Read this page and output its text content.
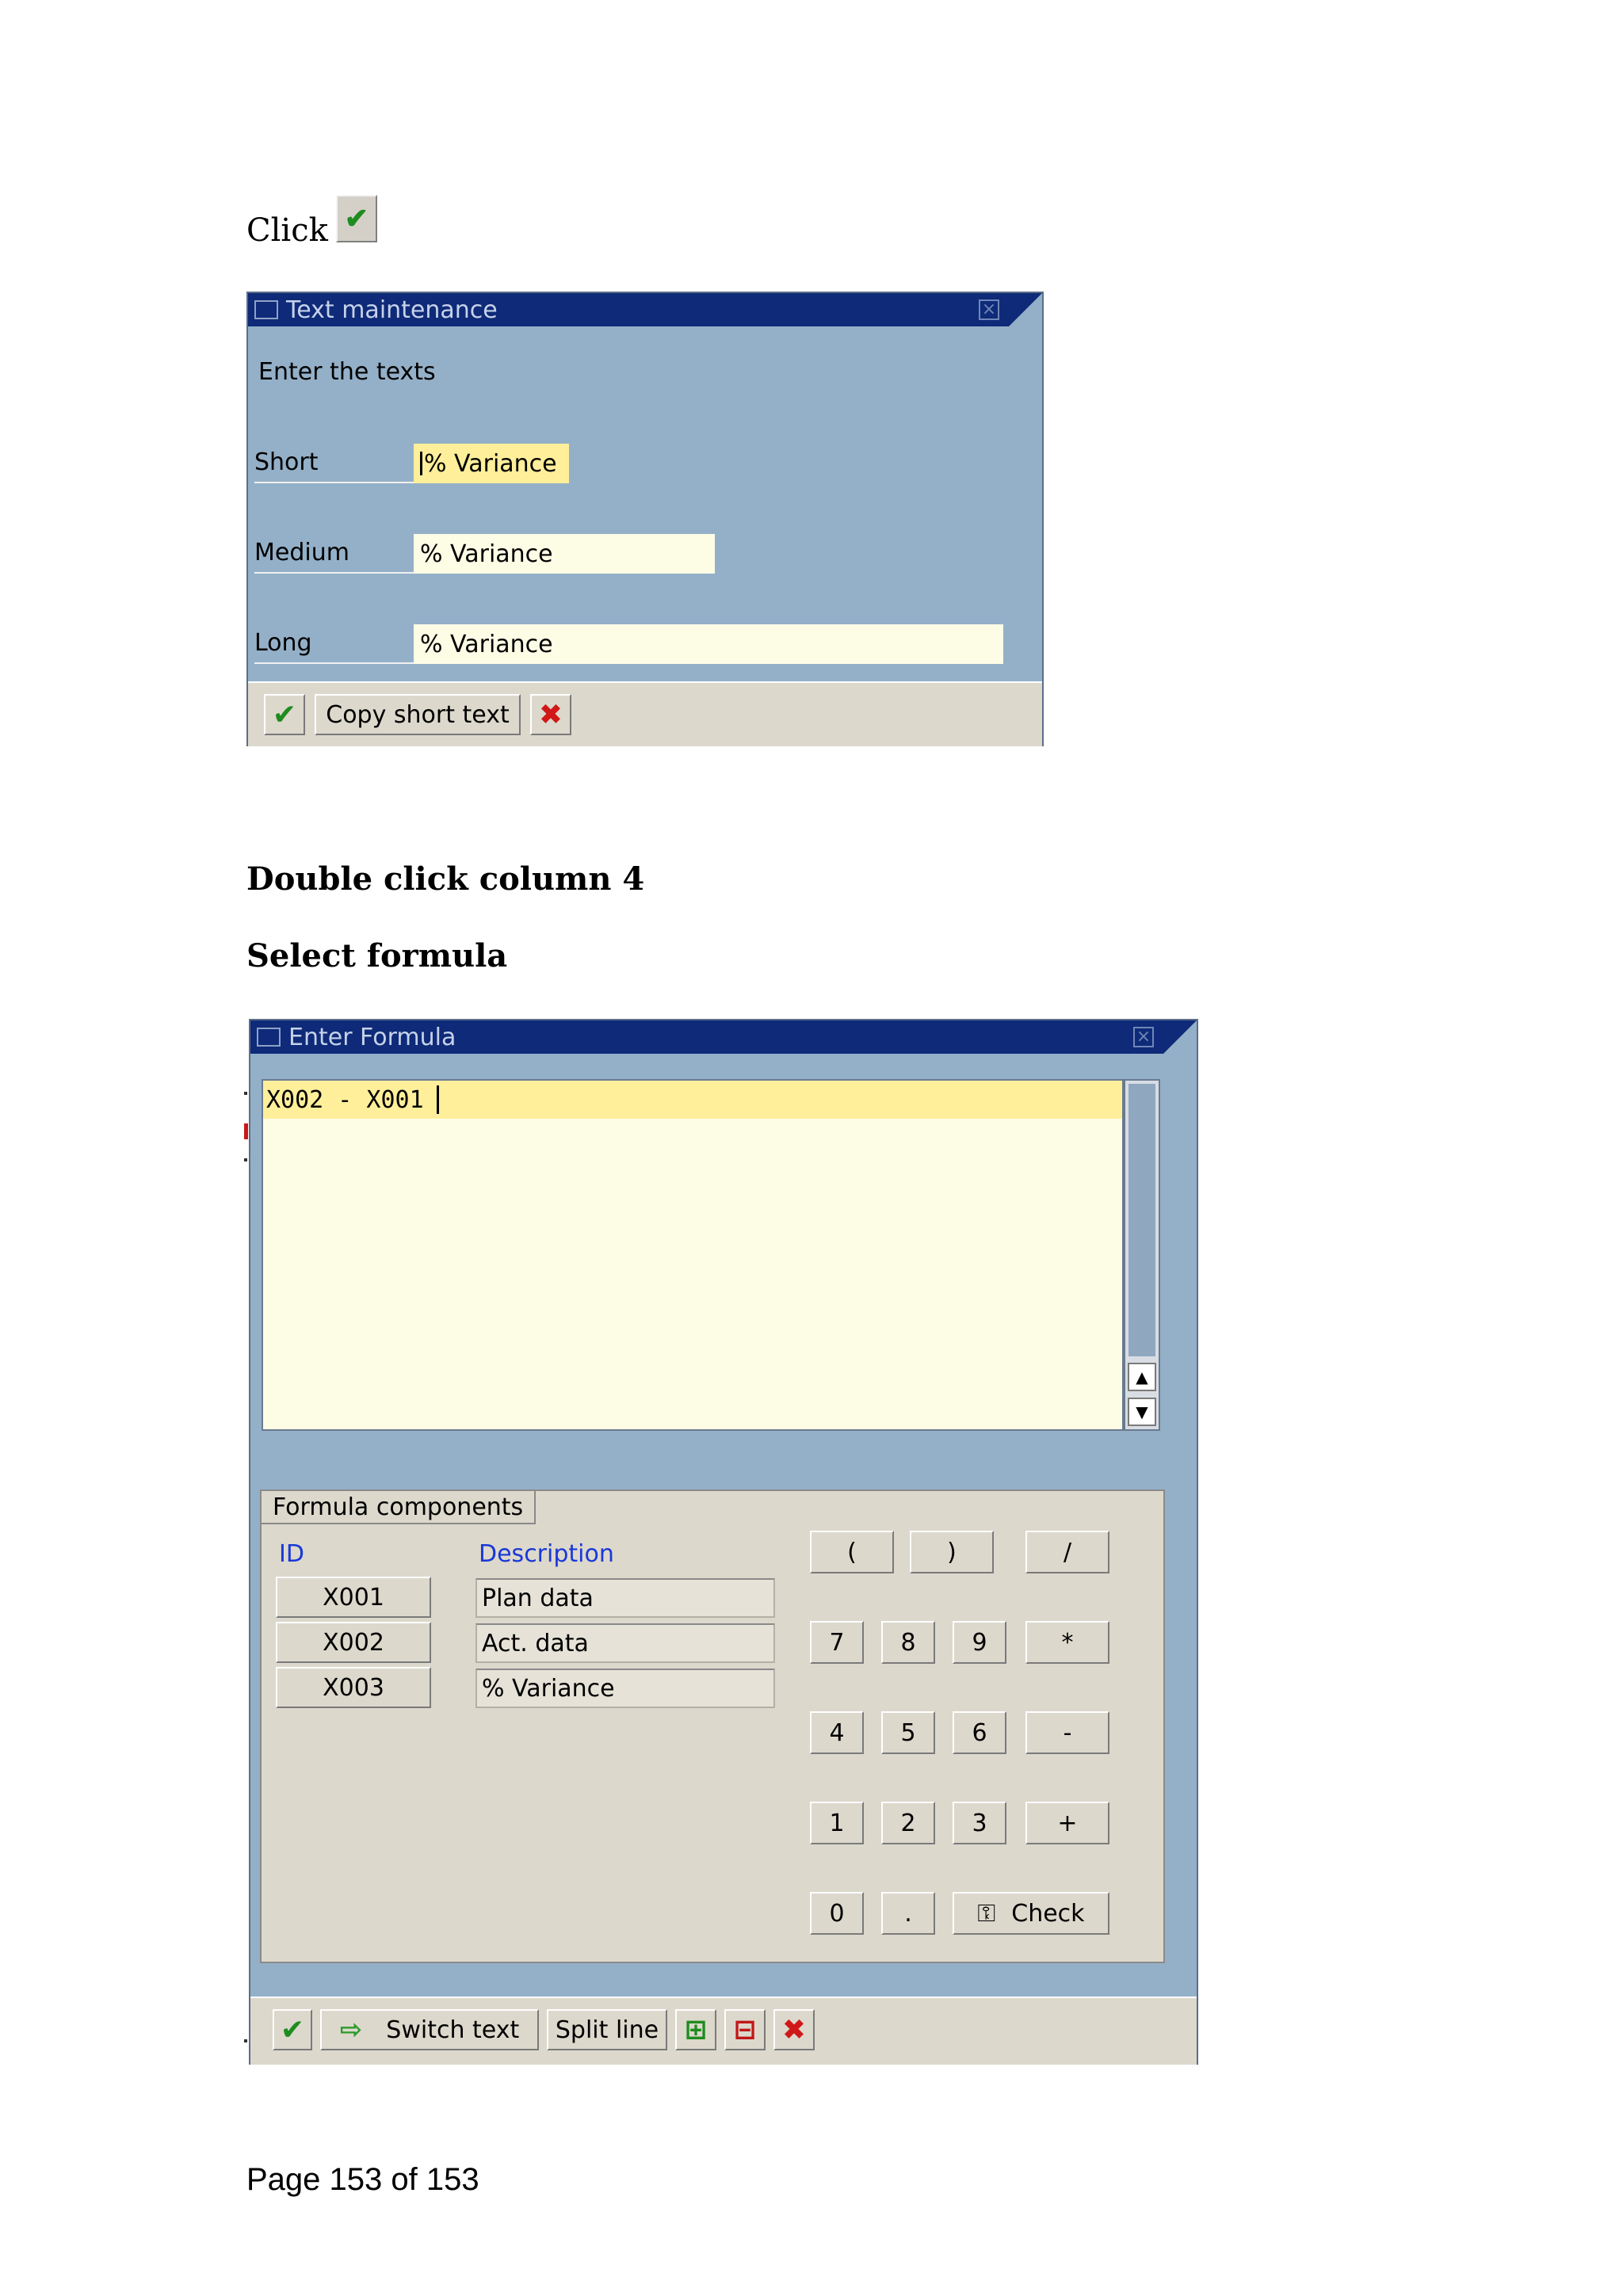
Click ✔
Text maintenance	×
Enter the texts
Short	% Variance
Medium	% Variance
Long	% Variance
✔	Copy short text	✖
Double click column 4
Select formula
Enter Formula	×
X002 - X001
▲
▼
Formula components
ID	Description
X001	Plan data
X002	Act. data
X003	% Variance
(	)	/
7	8	9	*
4	5	6	-
1	2	3	+
0	.	⚿ Check
✔ ⇨ Switch text	Split line ⊞ ⊟ ✖
Page 153 of 153
